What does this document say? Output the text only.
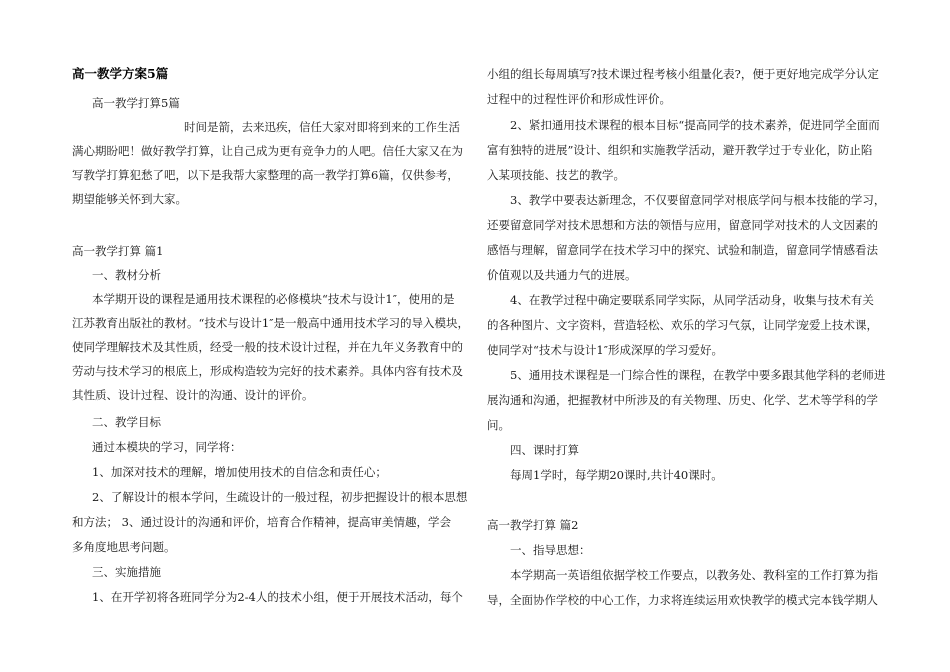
高一教学方案5篇
高一教学打算5篇
时间是箭，去来迅疾，信任大家对即将到来的工作生活
满心期盼吧！做好教学打算，让自己成为更有竞争力的人吧。信任大家又在为
写教学打算犯愁了吧，以下是我帮大家整理的高一教学打算6篇，仅供参考，
期望能够关怀到大家。
高一教学打算 篇1
一、教材分析
本学期开设的课程是通用技术课程的必修模块“技术与设计1″，使用的是
江苏教育出版社的教材。“技术与设计1″是一般高中通用技术学习的导入模块，
使同学理解技术及其性质，经受一般的技术设计过程，并在九年义务教育中的
劳动与技术学习的根底上，形成构造较为完好的技术素养。具体内容有技术及
其性质、设计过程、设计的沟通、设计的评价。
二、教学目标
通过本模块的学习，同学将：
1、加深对技术的理解，增加使用技术的自信念和责任心；
2、了解设计的根本学问，生疏设计的一般过程，初步把握设计的根本思想
和方法； 3、通过设计的沟通和评价，培育合作精神，提高审美情趣，学会
多角度地思考问题。
三、实施措施
1、在开学初将各班同学分为2-4人的技术小组，便于开展技术活动，每个
小组的组长每周填写?技术课过程考核小组量化表?，便于更好地完成学分认定
过程中的过程性评价和形成性评价。
2、紧扣通用技术课程的根本目标“提高同学的技术素养，促进同学全面而
富有独特的进展”设计、组织和实施教学活动，避开教学过于专业化，防止陷
入某项技能、技艺的教学。
3、教学中要表达新理念，不仅要留意同学对根底学问与根本技能的学习，
还要留意同学对技术思想和方法的领悟与应用，留意同学对技术的人文因素的
感悟与理解，留意同学在技术学习中的探究、试验和制造，留意同学情感看法
价值观以及共通力气的进展。
4、在教学过程中确定要联系同学实际，从同学活动身，收集与技术有关
的各种图片、文字资料，营造轻松、欢乐的学习气氛，让同学宠爱上技术课，
使同学对“技术与设计1″形成深厚的学习爱好。
5、通用技术课程是一门综合性的课程，在教学中要多跟其他学科的老师进
展沟通和沟通，把握教材中所涉及的有关物理、历史、化学、艺术等学科的学
问。
四、课时打算
每周1学时，每学期20课时,共计40课时。
高一教学打算 篇2
一、指导思想：
本学期高一英语组依据学校工作要点，以教务处、教科室的工作打算为指
导，全面协作学校的中心工作，力求将连续运用欢快教学的模式完本钱学期人
